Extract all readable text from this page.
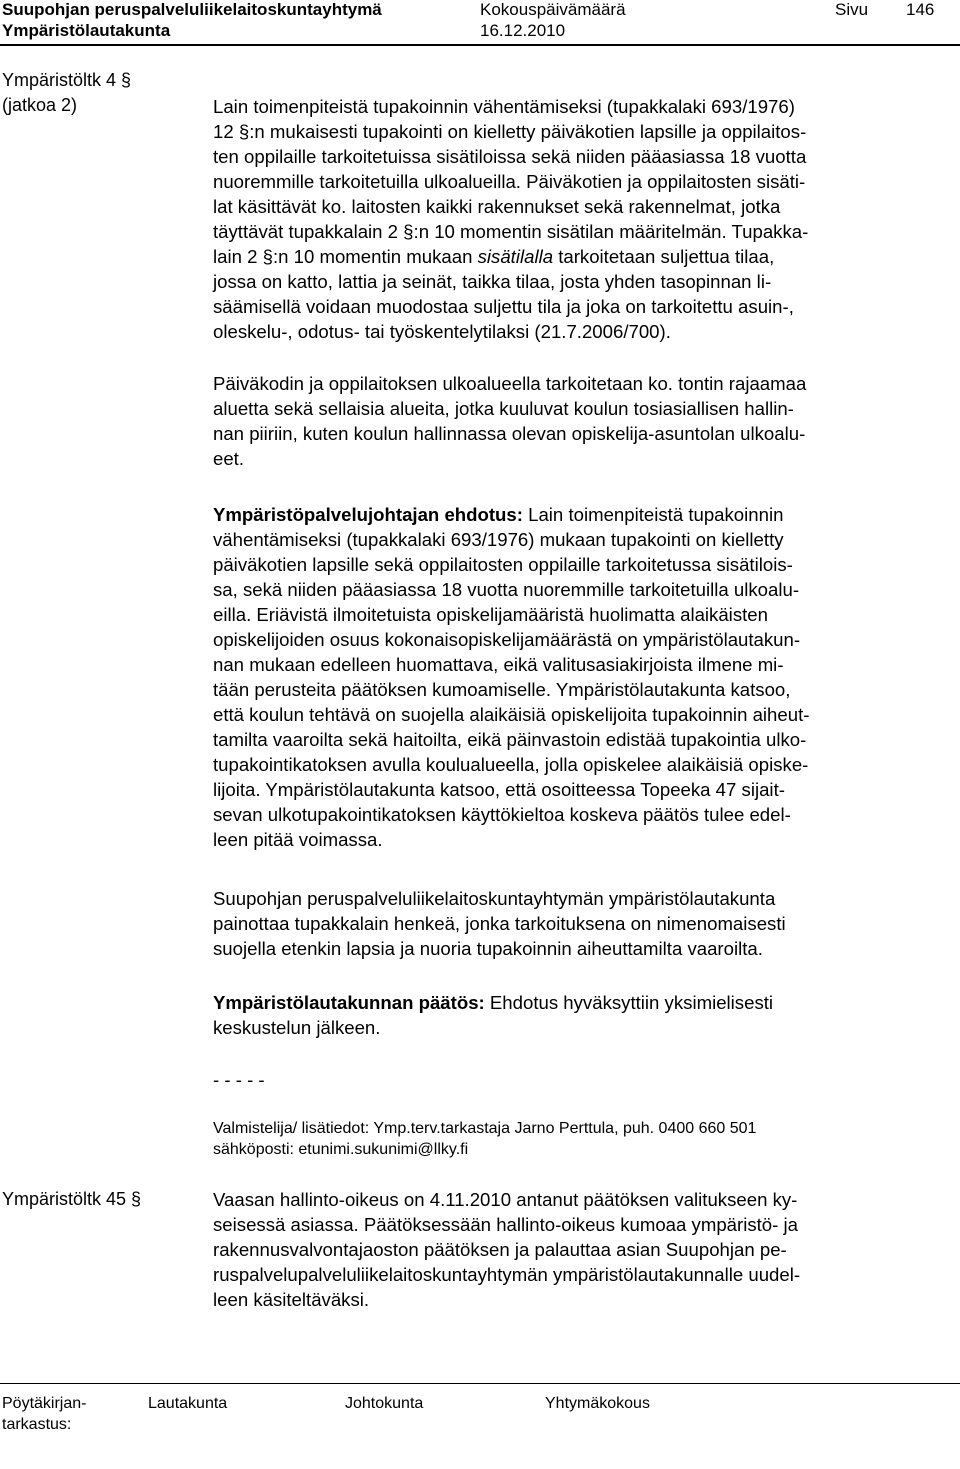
Suupohjan peruspalveluliikelaitoskuntayhtymä
Ympäristölautakunta
Kokouspäivämäärä
16.12.2010
Sivu 146
Ympäristöltk 4 §
(jatkoa 2)	Lain toimenpiteistä tupakoinnin vähentämiseksi (tupakkalaki 693/1976)
12 §:n mukaisesti tupakointi on kielletty päiväkotien lapsille ja oppilaitos-
ten oppilaille tarkoitetuissa sisätiloissa sekä niiden pääasiassa 18 vuotta
nuoremmille tarkoitetuilla ulkoalueilla. Päiväkotien ja oppilaitosten sisäti-
lat käsittävät ko. laitosten kaikki rakennukset sekä rakennelmat, jotka
täyttävät tupakkalain 2 §:n 10 momentin sisätilan määritelmän. Tupakka-
lain 2 §:n 10 momentin mukaan sisätilalla tarkoitetaan suljettua tilaa,
jossa on katto, lattia ja seinät, taikka tilaa, josta yhden tasopinnan li-
säämisellä voidaan muodostaa suljettu tila ja joka on tarkoitettu asuin-,
oleskelu-, odotus- tai työskentelytilaksi (21.7.2006/700).
Päiväkodin ja oppilaitoksen ulkoalueella tarkoitetaan ko. tontin rajaamaa
aluetta sekä sellaisia alueita, jotka kuuluvat koulun tosiasiallisen hallin-
nan piiriin, kuten koulun hallinnassa olevan opiskelija-asuntolan ulkoalu-
eet.
Ympäristöpalvelujohtajan ehdotus: Lain toimenpiteistä tupakoinnin
vähentämiseksi (tupakkalaki 693/1976) mukaan tupakointi on kielletty
päiväkotien lapsille sekä oppilaitosten oppilaille tarkoitetussa sisätilois-
sa, sekä niiden pääasiassa 18 vuotta nuoremmille tarkoitetuilla ulkoalu-
eilla. Eriävistä ilmoitetuista opiskelijamääristä huolimatta alaikäisten
opiskelijoiden osuus kokonaisopiskelijamäärästä on ympäristölautakun-
nan mukaan edelleen huomattava, eikä valitusasiakirjoista ilmene mi-
tään perusteita päätöksen kumoamiselle. Ympäristölautakunta katsoo,
että koulun tehtävä on suojella alaikäisiä opiskelijoita tupakoinnin aiheut-
tamilta vaaroilta sekä haitoilta, eikä päinvastoin edistää tupakointia ulko-
tupakointikatoksen avulla koulualueella, jolla opiskelee alaikäisiä opiske-
lijoita. Ympäristölautakunta katsoo, että osoitteessa Topeeka 47 sijait-
sevan ulkotupakointikatoksen käyttökieltoa koskeva päätös tulee edel-
leen pitää voimassa.
Suupohjan peruspalveluliikelaitoskuntayhtymän ympäristölautakunta
painottaa tupakkalain henkeä, jonka tarkoituksena on nimenomaisesti
suojella etenkin lapsia ja nuoria tupakoinnin aiheuttamilta vaaroilta.
Ympäristölautakunnan päätös: Ehdotus hyväksyttiin yksimielisesti
keskustelun jälkeen.
- - - - -
Valmistelija/ lisätiedot: Ymp.terv.tarkastaja Jarno Perttula, puh. 0400 660 501
sähköposti: etunimi.sukunimi@llky.fi
Ympäristöltk 45 §	Vaasan hallinto-oikeus on 4.11.2010 antanut päätöksen valitukseen ky-
seisessä asiassa. Päätöksessään hallinto-oikeus kumoaa ympäristö- ja
rakennusvalvontajaoston päätöksen ja palauttaa asian Suupohjan pe-
ruspalvelupalveluliikelaitoskuntayhtymän ympäristölautakunnalle uudel-
leen käsiteltäväksi.
Pöytäkirjan-
tarkastus:
Lautakunta	Johtokunta	Yhtymäkokous
